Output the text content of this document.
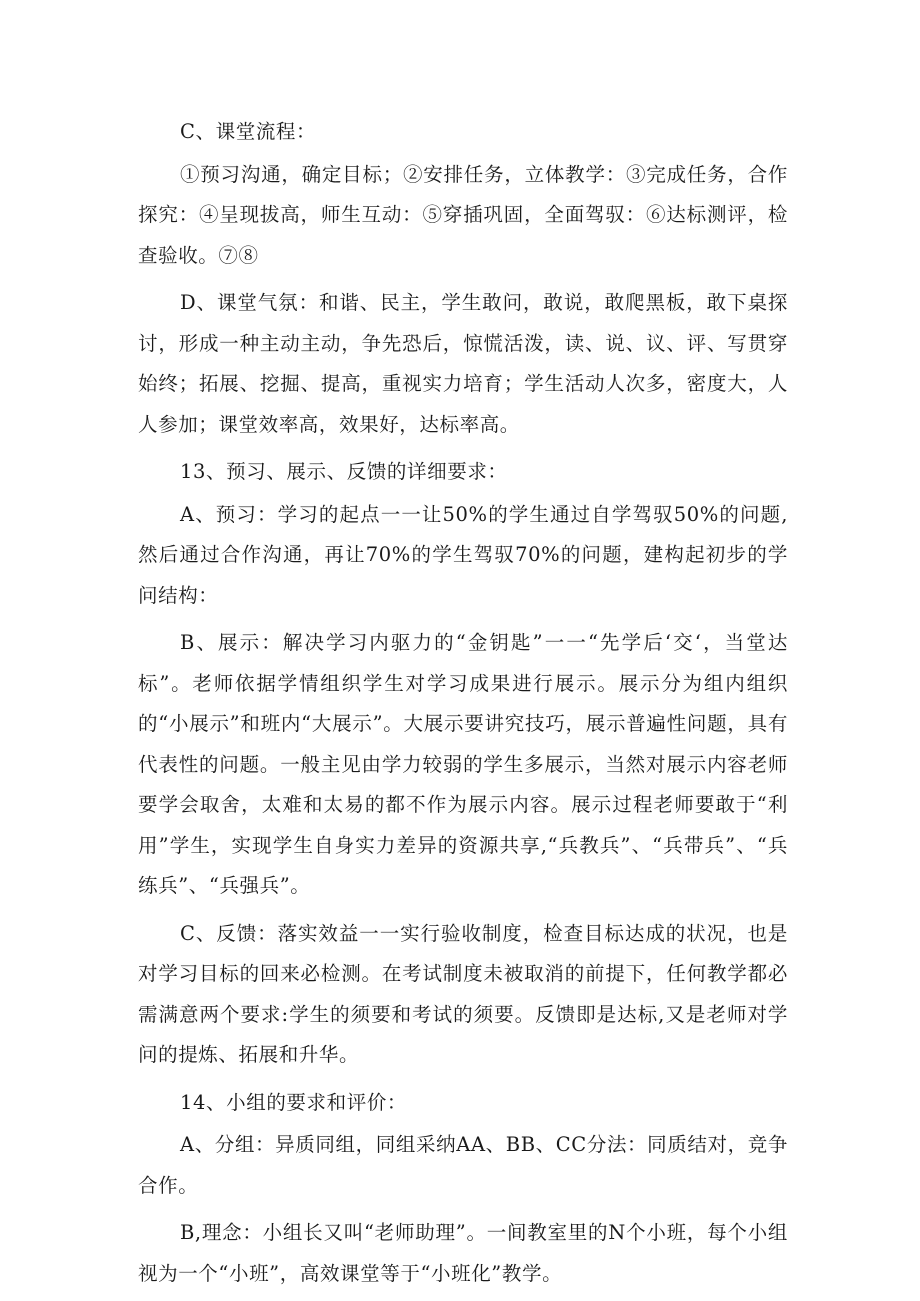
C、课堂流程：

①预习沟通，确定目标；②安排任务，立体教学：③完成任务，合作探究：④呈现拔高，师生互动：⑤穿插巩固，全面驾驭：⑥达标测评，检查验收。⑦⑧

D、课堂气氛：和谐、民主，学生敢问，敢说，敢爬黑板，敢下桌探讨，形成一种主动主动，争先恐后，惊慌活泼，读、说、议、评、写贯穿始终；拓展、挖掘、提高，重视实力培育；学生活动人次多，密度大，人人参加；课堂效率高，效果好，达标率高。

13、预习、展示、反馈的详细要求：

A、预习：学习的起点一一让50%的学生通过自学驾驭50%的问题,然后通过合作沟通，再让70%的学生驾驭70%的问题，建构起初步的学问结构：

B、展示：解决学习内驱力的“金钥匙”一一“先学后‘交‘，当堂达标”。老师依据学情组织学生对学习成果进行展示。展示分为组内组织的“小展示”和班内“大展示”。大展示要讲究技巧，展示普遍性问题，具有代表性的问题。一般主见由学力较弱的学生多展示，当然对展示内容老师要学会取舍，太难和太易的都不作为展示内容。展示过程老师要敢于“利用”学生，实现学生自身实力差异的资源共享,“兵教兵”、“兵带兵”、“兵练兵”、“兵强兵”。

C、反馈：落实效益一一实行验收制度，检查目标达成的状况，也是对学习目标的回来必检测。在考试制度未被取消的前提下，任何教学都必需满意两个要求:学生的须要和考试的须要。反馈即是达标,又是老师对学问的提炼、拓展和升华。

14、小组的要求和评价：

A、分组：异质同组，同组采纳AA、BB、CC分法：同质结对，竞争合作。

B,理念：小组长又叫“老师助理”。一间教室里的N个小班，每个小组视为一个“小班”，高效课堂等于“小班化”教学。
